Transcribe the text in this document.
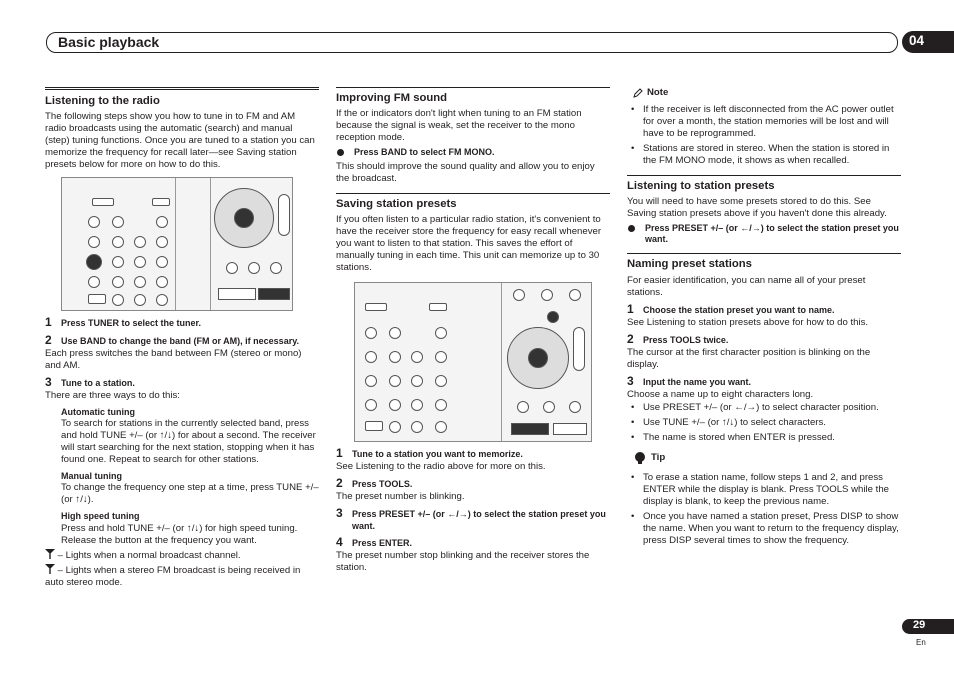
Basic playback	04
Listening to the radio

The following steps show you how to tune in to FM and AM radio broadcasts using the automatic (search) and manual (step) tuning functions. Once you are tuned to a station you can memorize the frequency for recall later—see Saving station presets below for more on how to do this.

1 Press TUNER to select the tuner.
2 Use BAND to change the band (FM or AM), if necessary.

Each press switches the band between FM (stereo or mono) and AM.

3 Tune to a station.

There are three ways to do this:

Automatic tuning

To search for stations in the currently selected band, press and hold TUNE +/– (or ↑/↓) for about a second. The receiver will start searching for the next station, stopping when it has found one. Repeat to search for other stations.

Manual tuning

To change the frequency one step at a time, press TUNE +/– (or ↑/↓).

High speed tuning

Press and hold TUNE +/– (or ↑/↓) for high speed tuning. Release the button at the frequency you want.

– Lights when a normal broadcast channel.

– Lights when a stereo FM broadcast is being received in auto stereo mode.

Improving FM sound

If the or indicators don't light when tuning to an FM station because the signal is weak, set the receiver to the mono reception mode.

Press BAND to select FM MONO.

This should improve the sound quality and allow you to enjoy the broadcast.

Saving station presets

If you often listen to a particular radio station, it's convenient to have the receiver store the frequency for easy recall whenever you want to listen to that station. This saves the effort of manually tuning in each time. This unit can memorize up to 30 stations.

1 Tune to a station you want to memorize.

See Listening to the radio above for more on this.

2 Press TOOLS.

The preset number is blinking.

3 Press PRESET +/– (or ←/→) to select the station preset you want.
4 Press ENTER.

The preset number stop blinking and the receiver stores the station.

Note
• If the receiver is left disconnected from the AC power outlet for over a month, the station memories will be lost and will have to be reprogrammed.
• Stations are stored in stereo. When the station is stored in the FM MONO mode, it shows as when recalled.
Listening to station presets

You will need to have some presets stored to do this. See Saving station presets above if you haven't done this already.

Press PRESET +/– (or ←/→) to select the station preset you want.
Naming preset stations

For easier identification, you can name all of your preset stations.

1 Choose the station preset you want to name.

See Listening to station presets above for how to do this.

2 Press TOOLS twice.

The cursor at the first character position is blinking on the display.

3 Input the name you want.

Choose a name up to eight characters long.

• Use PRESET +/– (or ←/→) to select character position.
• Use TUNE +/– (or ↑/↓) to select characters.
• The name is stored when ENTER is pressed.
Tip
• To erase a station name, follow steps 1 and 2, and press ENTER while the display is blank. Press TOOLS while the display is blank, to keep the previous name.
• Once you have named a station preset, Press DISP to show the name. When you want to return to the frequency display, press DISP several times to show the frequency.
29
En
